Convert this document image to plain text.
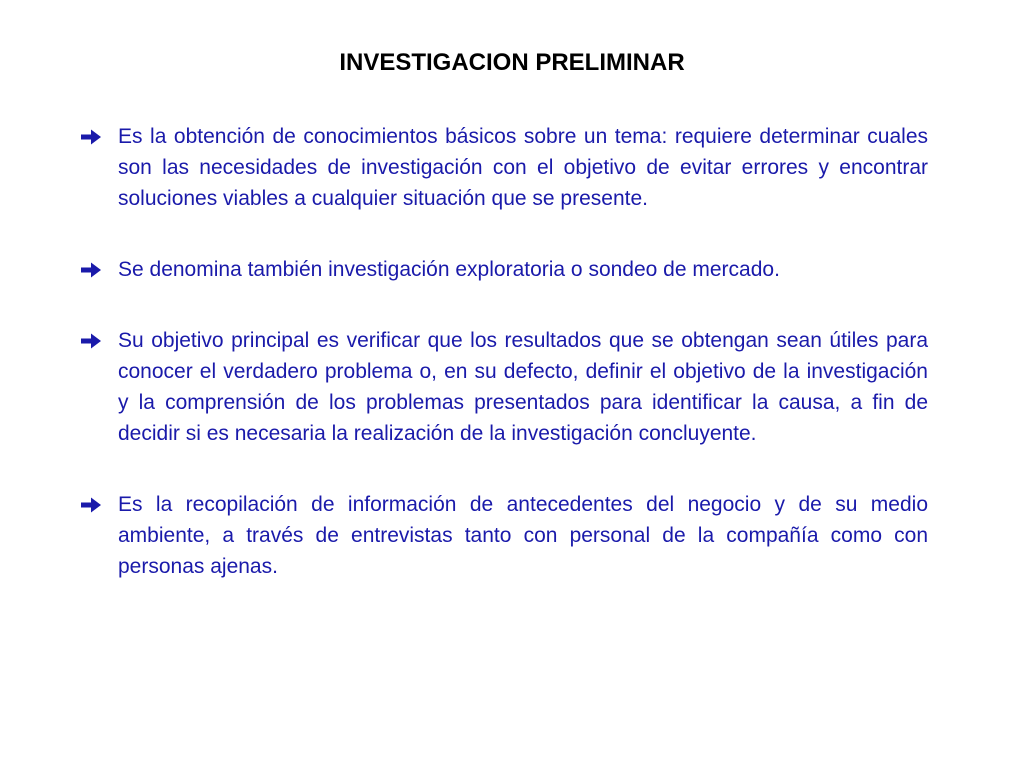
INVESTIGACION PRELIMINAR
Es la obtención de conocimientos básicos sobre un tema: requiere determinar cuales son las necesidades de investigación con el objetivo de evitar errores y encontrar soluciones viables a cualquier situación que se presente.
Se denomina también investigación exploratoria o sondeo de mercado.
Su objetivo principal es verificar que los resultados que se obtengan sean útiles para conocer el verdadero problema o, en su defecto, definir el objetivo de la investigación y la comprensión de los problemas presentados para identificar la causa, a fin de decidir si es necesaria la realización de la investigación concluyente.
Es la recopilación de información de antecedentes del negocio y de su medio ambiente, a través de entrevistas tanto con personal de la compañía como con personas ajenas.
